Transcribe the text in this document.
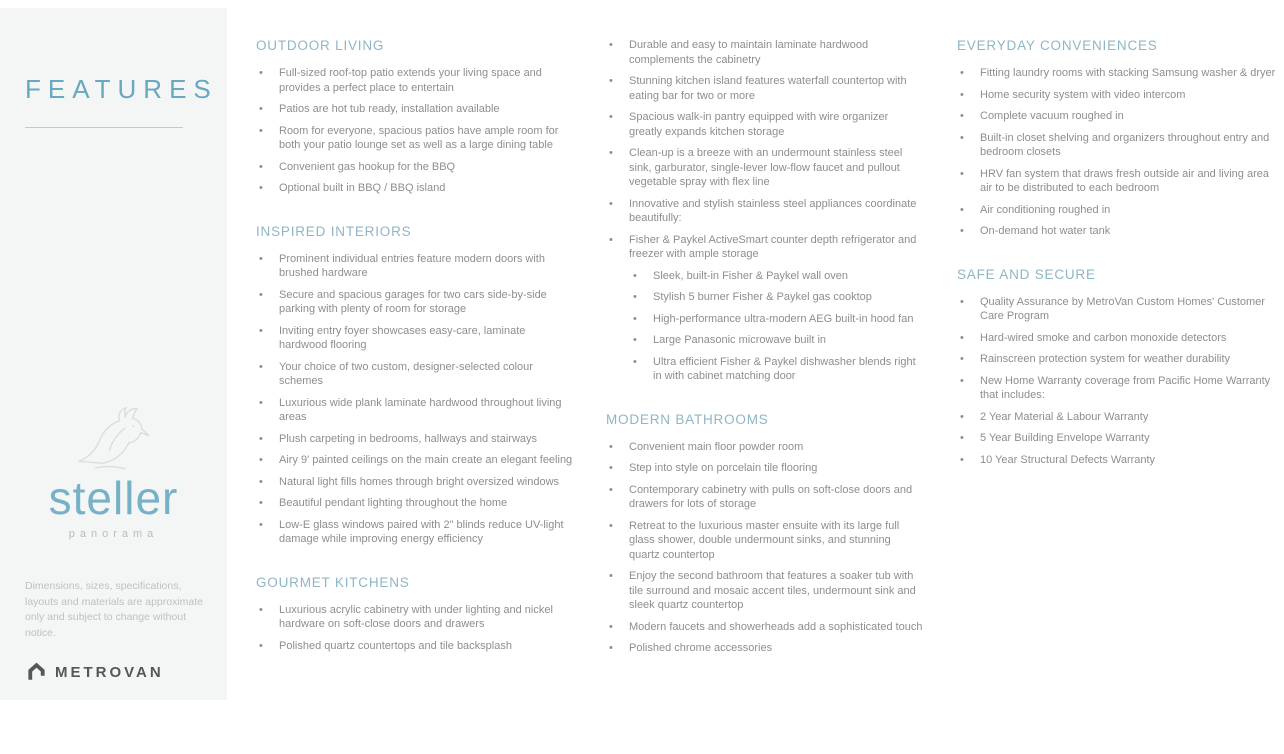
FEATURES
steller
panorama

Dimensions, sizes, specifications, layouts and materials are approximate only and subject to change without notice.

METROVAN
OUTDOOR LIVING
• Full-sized roof-top patio extends your living space and provides a perfect place to entertain
• Patios are hot tub ready, installation available
• Room for everyone, spacious patios have ample room for both your patio lounge set as well as a large dining table
• Convenient gas hookup for the BBQ
• Optional built in BBQ / BBQ island
INSPIRED INTERIORS
• Prominent individual entries feature modern doors with brushed hardware
• Secure and spacious garages for two cars side-by-side parking with plenty of room for storage
• Inviting entry foyer showcases easy-care, laminate hardwood flooring
• Your choice of two custom, designer-selected colour schemes
• Luxurious wide plank laminate hardwood throughout living areas
• Plush carpeting in bedrooms, hallways and stairways
• Airy 9' painted ceilings on the main create an elegant feeling
• Natural light fills homes through bright oversized windows
• Beautiful pendant lighting throughout the home
• Low-E glass windows paired with 2" blinds reduce UV-light damage while improving energy efficiency
GOURMET KITCHENS
• Luxurious acrylic cabinetry with under lighting and nickel hardware on soft-close doors and drawers
• Polished quartz countertops and tile backsplash
• Durable and easy to maintain laminate hardwood complements the cabinetry
• Stunning kitchen island features waterfall countertop with eating bar for two or more
• Spacious walk-in pantry equipped with wire organizer greatly expands kitchen storage
• Clean-up is a breeze with an undermount stainless steel sink, garburator, single-lever low-flow faucet and pullout vegetable spray with flex line
• Innovative and stylish stainless steel appliances coordinate beautifully:
• Fisher & Paykel ActiveSmart counter depth refrigerator and freezer with ample storage
• Sleek, built-in Fisher & Paykel wall oven
• Stylish 5 burner Fisher & Paykel gas cooktop
• High-performance ultra-modern AEG built-in hood fan
• Large Panasonic microwave built in
• Ultra efficient Fisher & Paykel dishwasher blends right in with cabinet matching door
MODERN BATHROOMS
• Convenient main floor powder room
• Step into style on porcelain tile flooring
• Contemporary cabinetry with pulls on soft-close doors and drawers for lots of storage
• Retreat to the luxurious master ensuite with its large full glass shower, double undermount sinks, and stunning quartz countertop
• Enjoy the second bathroom that features a soaker tub with tile surround and mosaic accent tiles, undermount sink and sleek quartz countertop
• Modern faucets and showerheads add a sophisticated touch
• Polished chrome accessories
EVERYDAY CONVENIENCES
• Fitting laundry rooms with stacking Samsung washer & dryer
• Home security system with video intercom
• Complete vacuum roughed in
• Built-in closet shelving and organizers throughout entry and bedroom closets
• HRV fan system that draws fresh outside air and living area air to be distributed to each bedroom
• Air conditioning roughed in
• On-demand hot water tank
SAFE AND SECURE
• Quality Assurance by MetroVan Custom Homes' Customer Care Program
• Hard-wired smoke and carbon monoxide detectors
• Rainscreen protection system for weather durability
• New Home Warranty coverage from Pacific Home Warranty that includes:
• 2 Year Material & Labour Warranty
• 5 Year Building Envelope Warranty
• 10 Year Structural Defects Warranty
